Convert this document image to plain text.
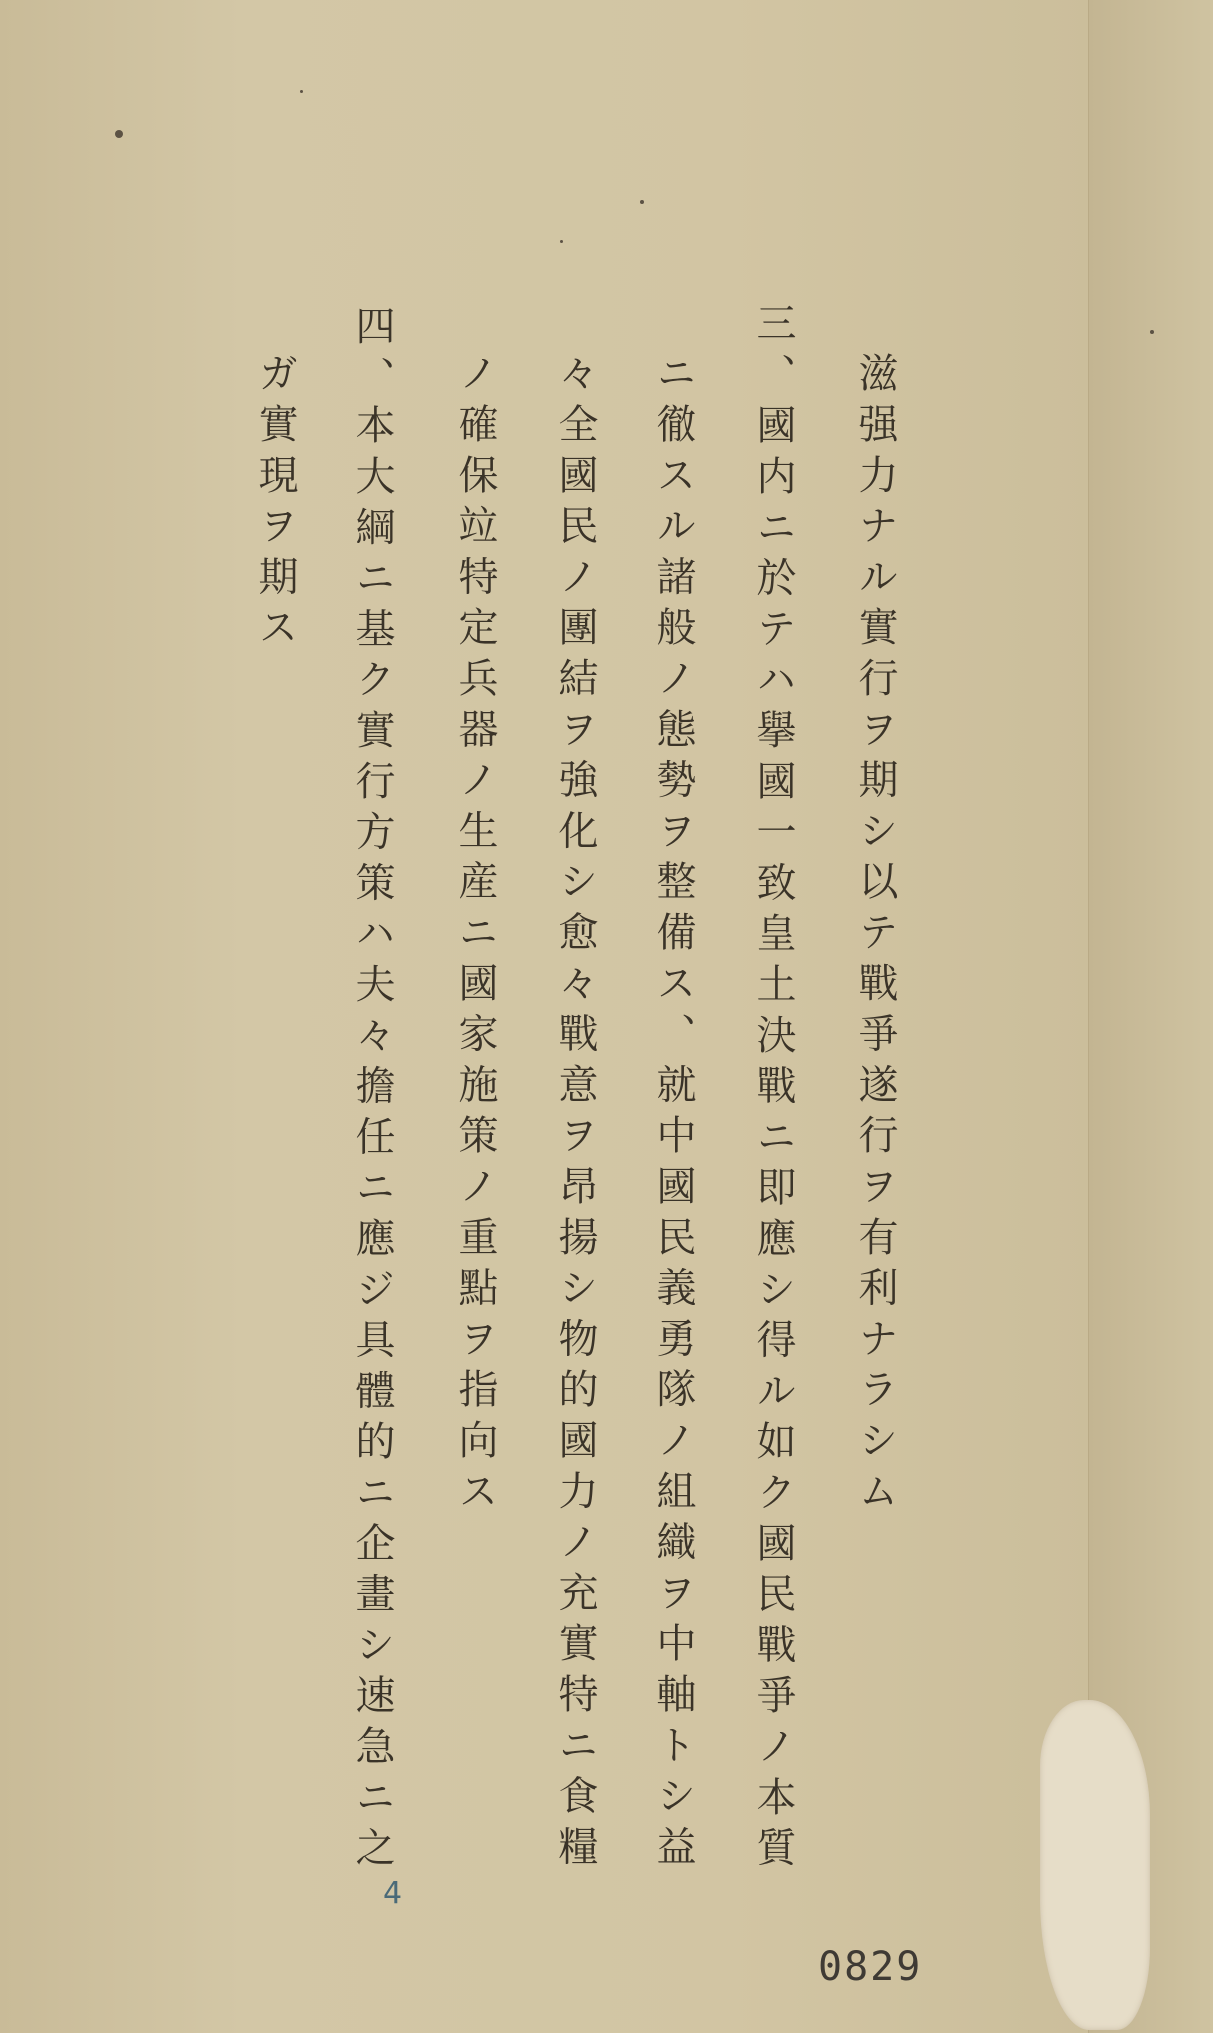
滋强力ナル實行ヲ期シ以テ戰爭遂行ヲ有利ナラシム
三、
國内ニ於テハ擧國一致皇土決戰ニ即應シ得ル如ク國民戰爭ノ本質
ニ徹スル諸般ノ態勢ヲ整備ス、就中國民義勇隊ノ組織ヲ中軸トシ益
々全國民ノ團結ヲ強化シ愈々戰意ヲ昂揚シ物的國力ノ充實特ニ食糧
ノ確保竝特定兵器ノ生産ニ國家施策ノ重點ヲ指向ス
四、
本大綱ニ基ク實行方策ハ夫々擔任ニ應ジ具體的ニ企畫シ速急ニ之
ガ實現ヲ期ス
4
0829
